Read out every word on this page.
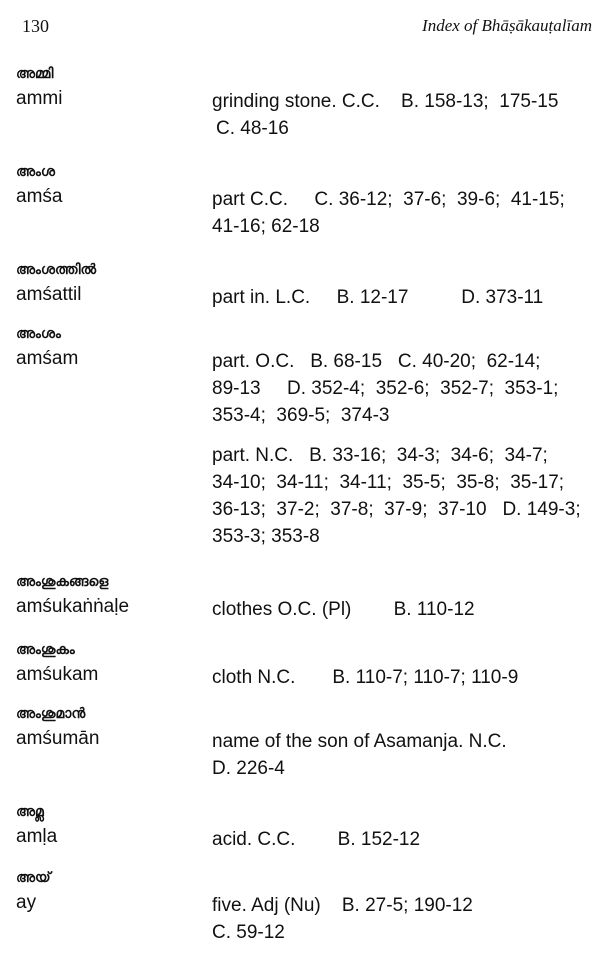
130	Index of Bhāṣākauṭalīam
അമ്മി
ammi	grinding stone. C.C.    B. 158-13;  175-15
C. 48-16
അംശ
amśa	part C.C.     C. 36-12;  37-6;  39-6;  41-15;
41-16; 62-18
അംശത്തിൽ
amśattil	part in. L.C.     B. 12-17          D. 373-11
അംശം
amśam	part. O.C.   B. 68-15   C. 40-20;  62-14;
89-13     D. 352-4;  352-6;  352-7;  353-1;
353-4;  369-5;  374-3
part. N.C.   B. 33-16;  34-3;  34-6;  34-7;
34-10;  34-11;  34-11;  35-5;  35-8;  35-17;
36-13;  37-2;  37-8;  37-9;  37-10   D. 149-3;
353-3; 353-8
അംശുകങ്ങളെ
amśukaṅṅaḷe	clothes O.C. (Pl)        B. 110-12
അംശുകം
amśukam	cloth N.C.       B. 110-7; 110-7; 110-9
അംശുമാൻ
amśumān	name of the son of Asamanja. N.C.
D. 226-4
അമ്ല
amḷa	acid. C.C.        B. 152-12
അയ്
ay	five. Adj (Nu)    B. 27-5; 190-12
C. 59-12
